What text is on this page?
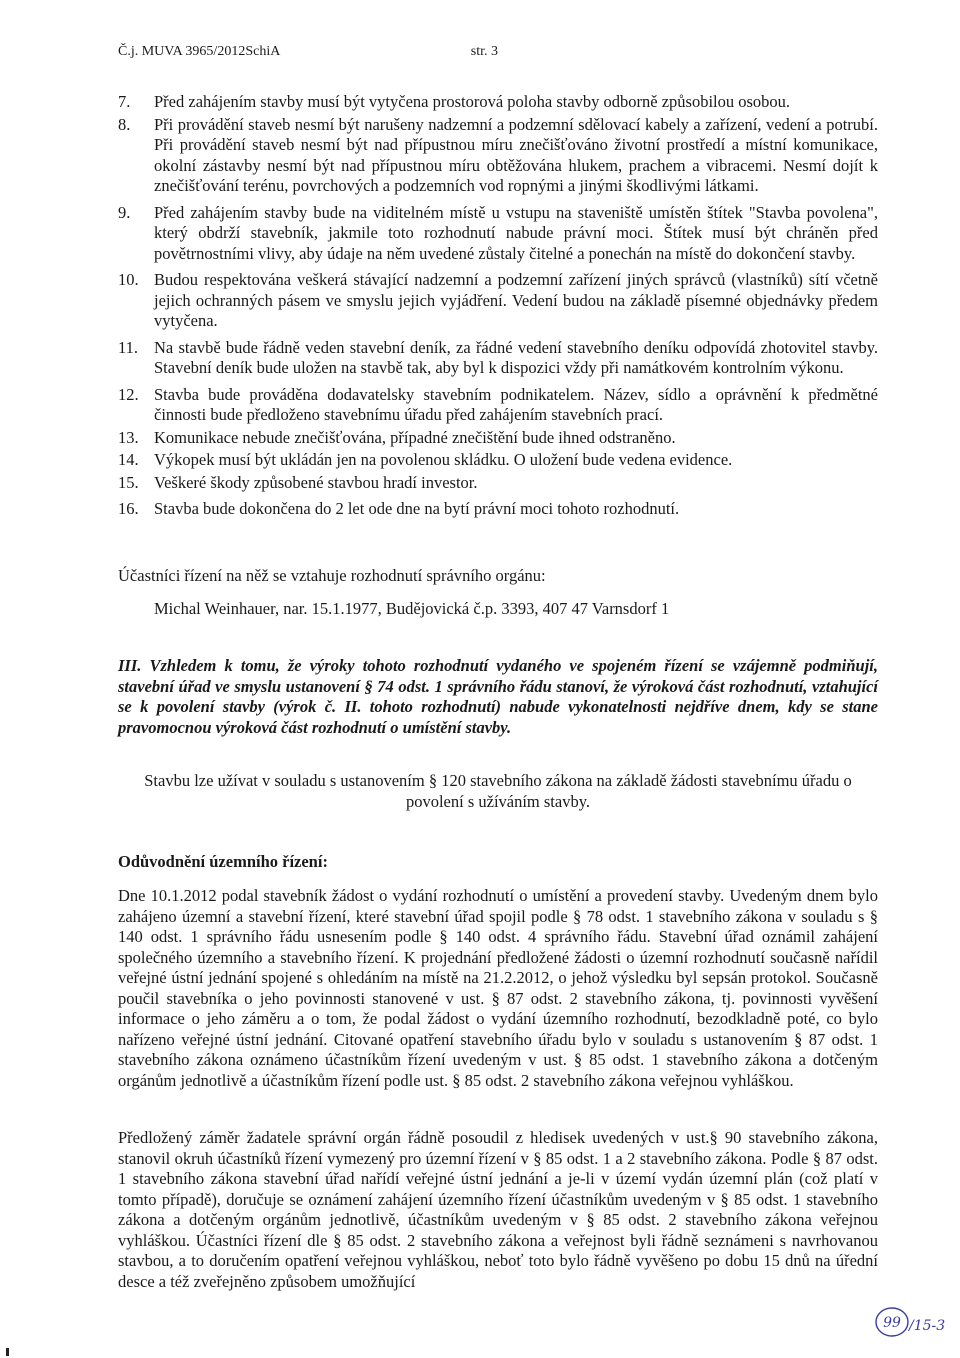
Č.j. MUVA 3965/2012SchiA	str. 3
7. Před zahájením stavby musí být vytyčena prostorová poloha stavby odborně způsobilou osobou.
8. Při provádění staveb nesmí být narušeny nadzemní a podzemní sdělovací kabely a zařízení, vedení a potrubí. Při provádění staveb nesmí být nad přípustnou míru znečišťováno životní prostředí a místní komunikace, okolní zástavby nesmí být nad přípustnou míru obtěžována hlukem, prachem a vibracemi. Nesmí dojít k znečišťování terénu, povrchových a podzemních vod ropnými a jinými škodlivými látkami.
9. Před zahájením stavby bude na viditelném místě u vstupu na staveniště umístěn štítek "Stavba povolena", který obdrží stavebník, jakmile toto rozhodnutí nabude právní moci. Štítek musí být chráněn před povětrnostními vlivy, aby údaje na něm uvedené zůstaly čitelné a ponechán na místě do dokončení stavby.
10. Budou respektována veškerá stávající nadzemní a podzemní zařízení jiných správců (vlastníků) sítí včetně jejich ochranných pásem ve smyslu jejich vyjádření. Vedení budou na základě písemné objednávky předem vytyčena.
11. Na stavbě bude řádně veden stavební deník, za řádné vedení stavebního deníku odpovídá zhotovitel stavby. Stavební deník bude uložen na stavbě tak, aby byl k dispozici vždy při namátkovém kontrolním výkonu.
12. Stavba bude prováděna dodavatelsky stavebním podnikatelem. Název, sídlo a oprávnění k předmětné činnosti bude předloženo stavebnímu úřadu před zahájením stavebních prací.
13. Komunikace nebude znečišťována, případné znečištění bude ihned odstraněno.
14. Výkopek musí být ukládán jen na povolenou skládku. O uložení bude vedena evidence.
15. Veškeré škody způsobené stavbou hradí investor.
16. Stavba bude dokončena do 2 let ode dne na bytí právní moci tohoto rozhodnutí.
Účastníci řízení na něž se vztahuje rozhodnutí správního orgánu:
Michal Weinhauer, nar. 15.1.1977, Budějovická č.p. 3393, 407 47 Varnsdorf 1
III. Vzhledem k tomu, že výroky tohoto rozhodnutí vydaného ve spojeném řízení se vzájemně podmiňují, stavební úřad ve smyslu ustanovení § 74 odst. 1 správního řádu stanoví, že výroková část rozhodnutí, vztahující se k povolení stavby (výrok č. II. tohoto rozhodnutí) nabude vykonatelnosti nejdříve dnem, kdy se stane pravomocnou výroková část rozhodnutí o umístění stavby.
Stavbu lze užívat v souladu s ustanovením § 120 stavebního zákona na základě žádosti stavebnímu úřadu o povolení s užíváním stavby.
Odůvodnění územního řízení:
Dne 10.1.2012 podal stavebník žádost o vydání rozhodnutí o umístění a provedení stavby. Uvedeným dnem bylo zahájeno územní a stavební řízení, které stavební úřad spojil podle § 78 odst. 1 stavebního zákona v souladu s § 140 odst. 1 správního řádu usnesením podle § 140 odst. 4 správního řádu. Stavební úřad oznámil zahájení společného územního a stavebního řízení. K projednání předložené žádosti o územní rozhodnutí současně nařídil veřejné ústní jednání spojené s ohledáním na místě na 21.2.2012, o jehož výsledku byl sepsán protokol. Současně poučil stavebníka o jeho povinnosti stanovené v ust. § 87 odst. 2 stavebního zákona, tj. povinnosti vyvěšení informace o jeho záměru a o tom, že podal žádost o vydání územního rozhodnutí, bezodkladně poté, co bylo nařízeno veřejné ústní jednání. Citované opatření stavebního úřadu bylo v souladu s ustanovením § 87 odst. 1 stavebního zákona oznámeno účastníkům řízení uvedeným v ust. § 85 odst. 1 stavebního zákona a dotčeným orgánům jednotlivě a účastníkům řízení podle ust. § 85 odst. 2 stavebního zákona veřejnou vyhláškou.
Předložený záměr žadatele správní orgán řádně posoudil z hledisek uvedených v ust.§ 90 stavebního zákona, stanovil okruh účastníků řízení vymezený pro územní řízení v § 85 odst. 1 a 2 stavebního zákona. Podle § 87 odst. 1 stavebního zákona stavební úřad nařídí veřejné ústní jednání a je-li v území vydán územní plán (což platí v tomto případě), doručuje se oznámení zahájení územního řízení účastníkům uvedeným v § 85 odst. 1 stavebního zákona a dotčeným orgánům jednotlivě, účastníkům uvedeným v § 85 odst. 2 stavebního zákona veřejnou vyhláškou. Účastníci řízení dle § 85 odst. 2 stavebního zákona a veřejnost byli řádně seznámeni s navrhovanou stavbou, a to doručením opatření veřejnou vyhláškou, neboť toto bylo řádně vyvěšeno po dobu 15 dnů na úřední desce a též zveřejněno způsobem umožňující
99 /15-3
